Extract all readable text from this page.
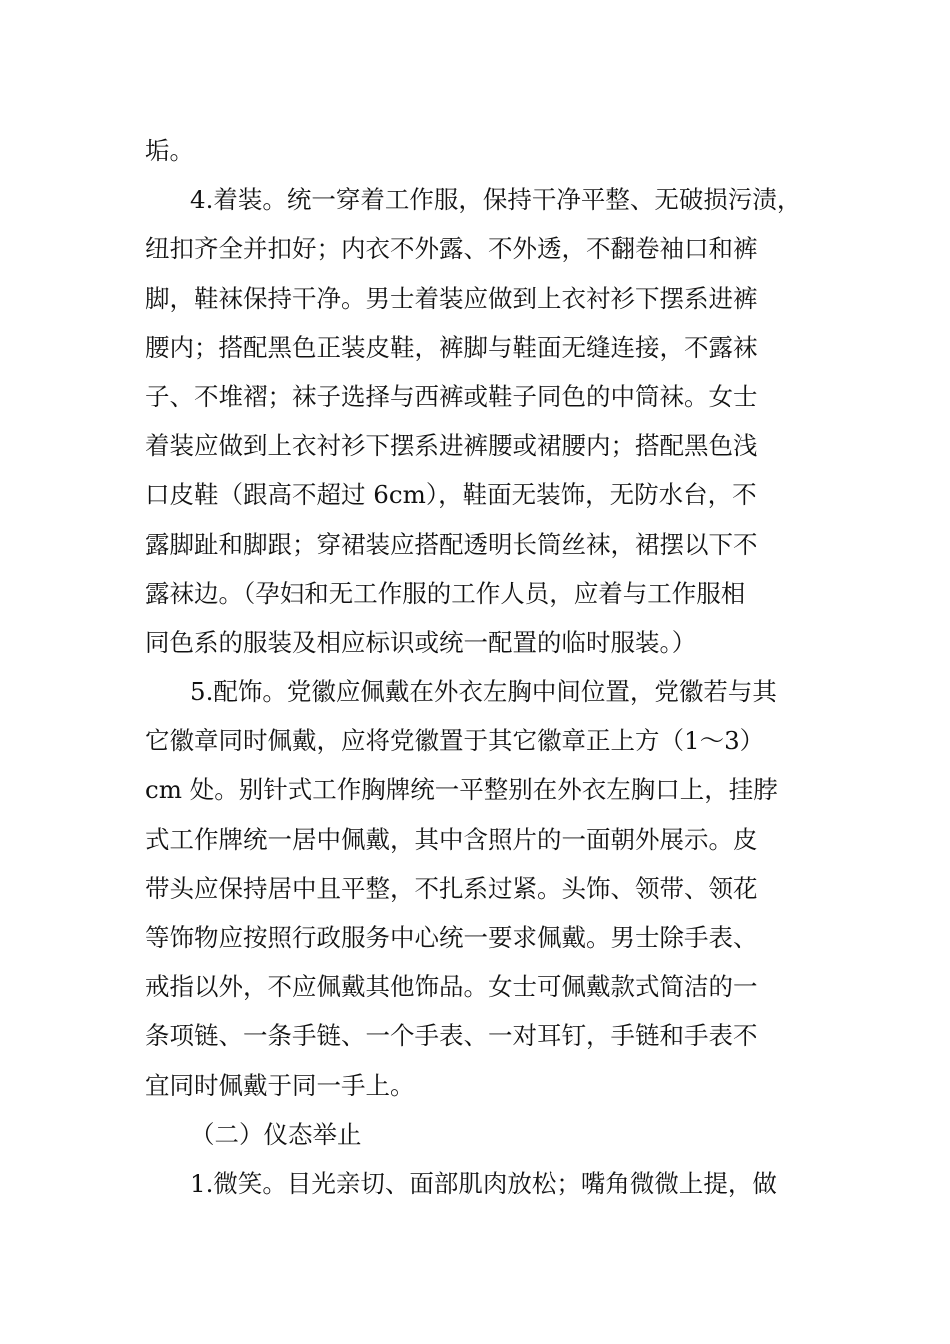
垢。
4.着装。统一穿着工作服，保持干净平整、无破损污渍，
纽扣齐全并扣好；内衣不外露、不外透，不翻卷袖口和裤
脚，鞋袜保持干净。男士着装应做到上衣衬衫下摆系进裤
腰内；搭配黑色正装皮鞋，裤脚与鞋面无缝连接，不露袜
子、不堆褶；袜子选择与西裤或鞋子同色的中筒袜。女士
着装应做到上衣衬衫下摆系进裤腰或裙腰内；搭配黑色浅
口皮鞋（跟高不超过 6cm），鞋面无装饰，无防水台，不
露脚趾和脚跟；穿裙装应搭配透明长筒丝袜，裙摆以下不
露袜边。（孕妇和无工作服的工作人员，应着与工作服相
同色系的服装及相应标识或统一配置的临时服装。）
5.配饰。党徽应佩戴在外衣左胸中间位置，党徽若与其
它徽章同时佩戴，应将党徽置于其它徽章正上方（1～3）
cm 处。别针式工作胸牌统一平整别在外衣左胸口上，挂脖
式工作牌统一居中佩戴，其中含照片的一面朝外展示。皮
带头应保持居中且平整，不扎系过紧。头饰、领带、领花
等饰物应按照行政服务中心统一要求佩戴。男士除手表、
戒指以外，不应佩戴其他饰品。女士可佩戴款式简洁的一
条项链、一条手链、一个手表、一对耳钉，手链和手表不
宜同时佩戴于同一手上。
（二）仪态举止
1.微笑。目光亲切、面部肌肉放松；嘴角微微上提，做
